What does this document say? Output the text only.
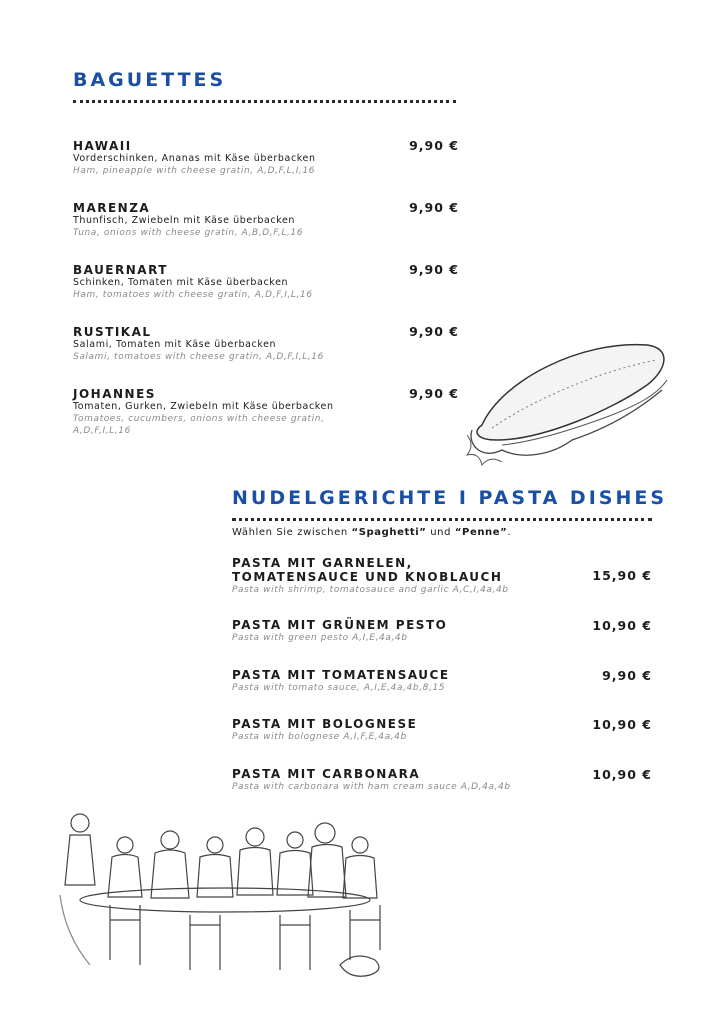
BAGUETTES
HAWAII
Vorderschinken, Ananas mit Käse überbacken
Ham, pineapple with cheese gratin, A,D,F,L,I,16
9,90 €
MARENZA
Thunfisch, Zwiebeln mit Käse überbacken
Tuna, onions with cheese gratin, A,B,D,F,L,16
9,90 €
BAUERNART
Schinken, Tomaten mit Käse überbacken
Ham, tomatoes with cheese gratin, A,D,F,I,L,16
9,90 €
RUSTIKAL
Salami, Tomaten mit Käse überbacken
Salami, tomatoes with cheese gratin, A,D,F,I,L,16
9,90 €
JOHANNES
Tomaten, Gurken, Zwiebeln mit Käse überbacken
Tomatoes, cucumbers, onions with cheese gratin, A,D,F,I,L,16
9,90 €
NUDELGERICHTE I PASTA DISHES
Wählen Sie zwischen “Spaghetti” und “Penne”.
PASTA MIT GARNELEN, TOMATENSAUCE UND KNOBLAUCH
Pasta with shrimp, tomatosauce and garlic A,C,I,4a,4b
15,90 €
PASTA MIT GRÜNEM PESTO
Pasta with green pesto A,I,E,4a,4b
10,90 €
PASTA MIT TOMATENSAUCE
Pasta with tomato sauce, A,I,E,4a,4b,8,15
9,90 €
PASTA MIT BOLOGNESE
Pasta with bolognese A,I,F,E,4a,4b
10,90 €
PASTA MIT CARBONARA
Pasta with carbonara with ham cream sauce A,D,4a,4b
10,90 €
